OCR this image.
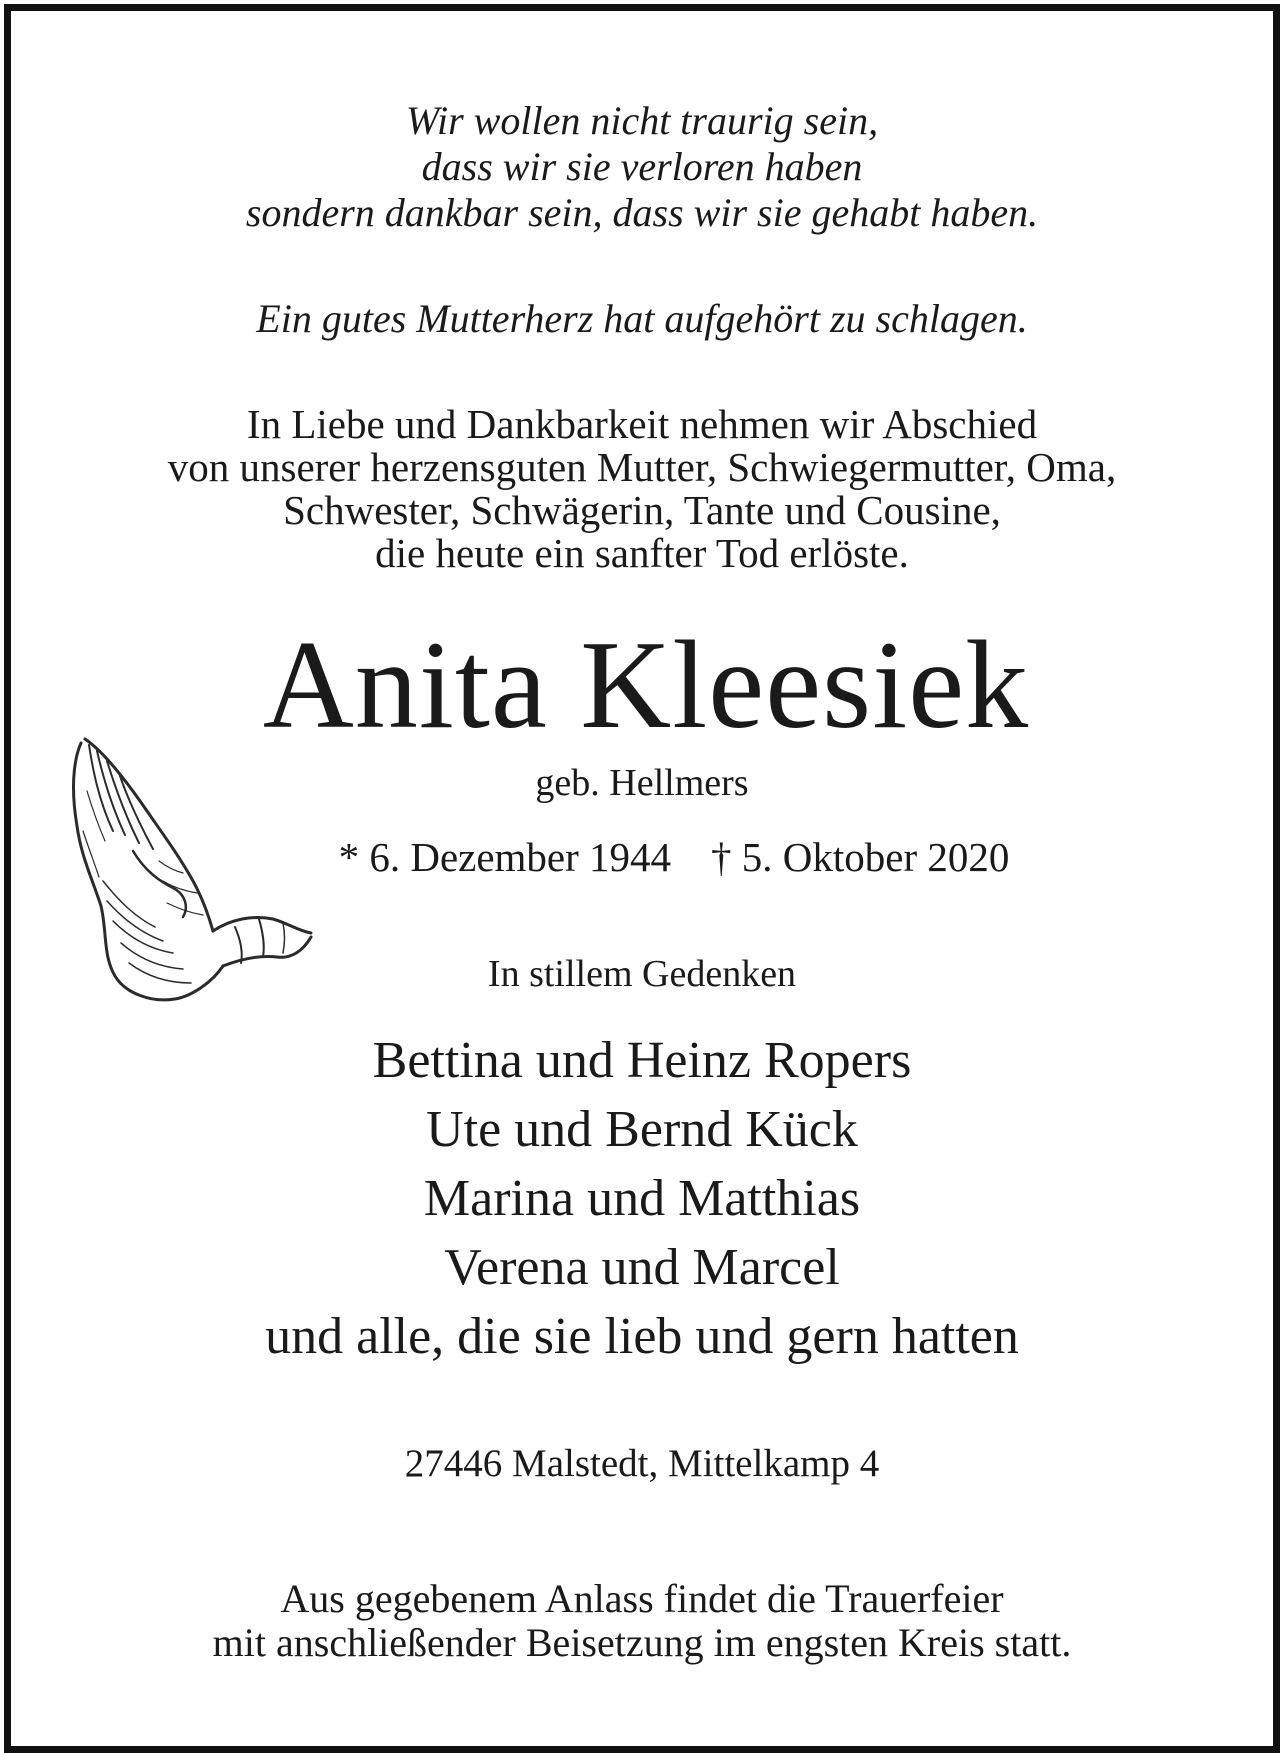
Wir wollen nicht traurig sein,
dass wir sie verloren haben
sondern dankbar sein, dass wir sie gehabt haben.

Ein gutes Mutterherz hat aufgehört zu schlagen.

In Liebe und Dankbarkeit nehmen wir Abschied
von unserer herzensguten Mutter, Schwiegermutter, Oma,
Schwester, Schwägerin, Tante und Cousine,
die heute ein sanfter Tod erlöste.

Anita Kleesiek

geb. Hellmers

* 6. Dezember 1944 † 5. Oktober 2020

In stillem Gedenken

Bettina und Heinz Ropers
Ute und Bernd Kück
Marina und Matthias
Verena und Marcel
und alle, die sie lieb und gern hatten

27446 Malstedt, Mittelkamp 4

Aus gegebenem Anlass findet die Trauerfeier
mit anschließender Beisetzung im engsten Kreis statt.
